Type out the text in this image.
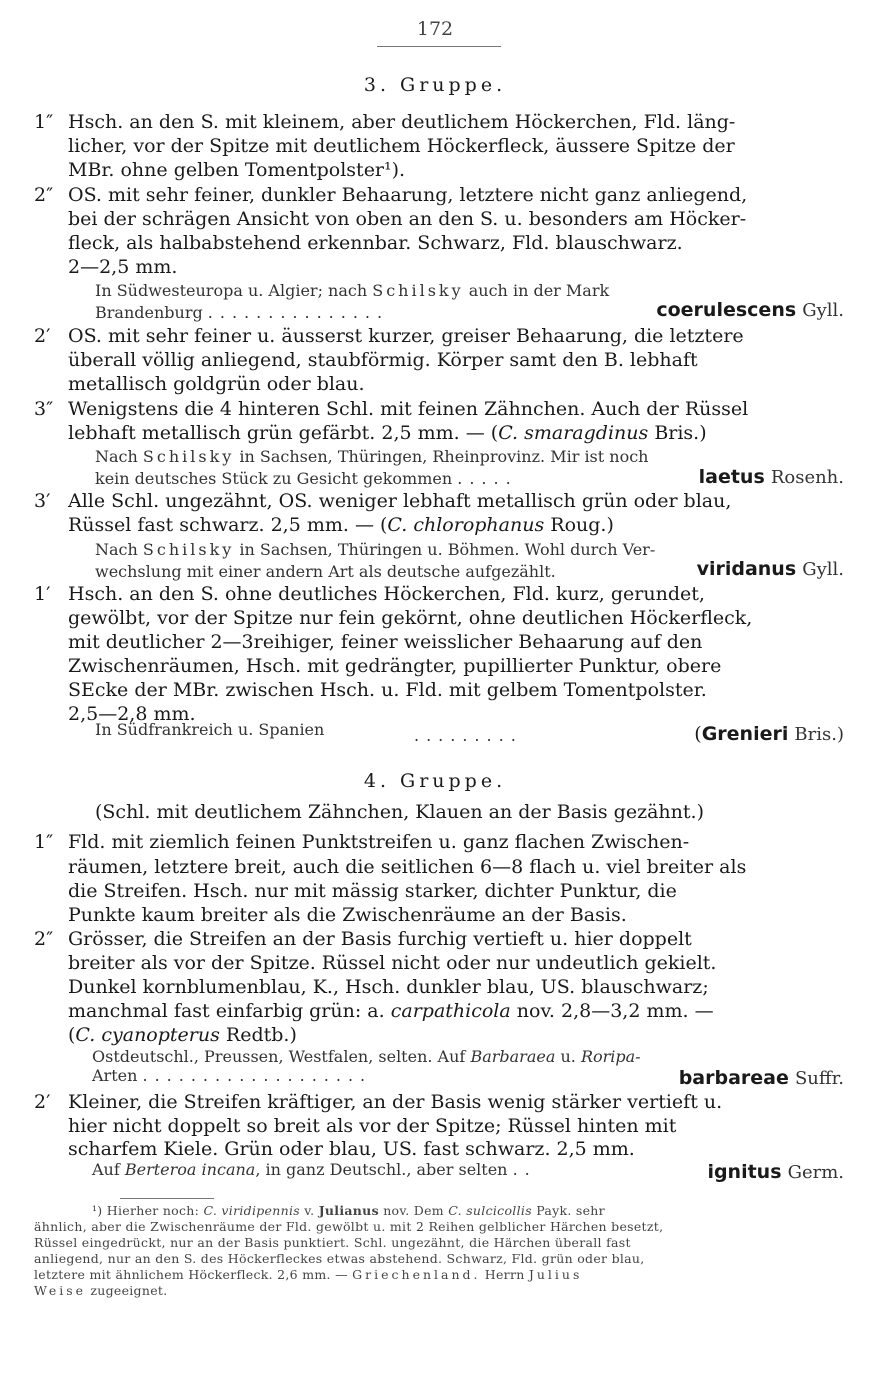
172
3. Gruppe.
1″ Hsch. an den S. mit kleinem, aber deutlichem Höckerchen, Fld. läng-
licher, vor der Spitze mit deutlichem Höckerfleck, äussere Spitze der
MBr. ohne gelben Tomentpolster¹).
2″ OS. mit sehr feiner, dunkler Behaarung, letztere nicht ganz anliegend,
bei der schrägen Ansicht von oben an den S. u. besonders am Höcker-
fleck, als halbabstehend erkennbar. Schwarz, Fld. blauschwarz.
2—2,5 mm.
In Südwesteuropa u. Algier; nach Schilsky auch in der Mark
Brandenburg ...............	coerulescens Gyll.
2′ OS. mit sehr feiner u. äusserst kurzer, greiser Behaarung, die letztere
überall völlig anliegend, staubförmig. Körper samt den B. lebhaft
metallisch goldgrün oder blau.
3″ Wenigstens die 4 hinteren Schl. mit feinen Zähnchen. Auch der Rüssel
lebhaft metallisch grün gefärbt. 2,5 mm. — (C. smaragdinus Bris.)
Nach Schilsky in Sachsen, Thüringen, Rheinprovinz. Mir ist noch
kein deutsches Stück zu Gesicht gekommen .....	laetus Rosenh.
3′ Alle Schl. ungezähnt, OS. weniger lebhaft metallisch grün oder blau,
Rüssel fast schwarz. 2,5 mm. — (C. chlorophanus Roug.)
Nach Schilsky in Sachsen, Thüringen u. Böhmen. Wohl durch Ver-
wechslung mit einer andern Art als deutsche aufgezählt.	viridanus Gyll.
1′ Hsch. an den S. ohne deutliches Höckerchen, Fld. kurz, gerundet,
gewölbt, vor der Spitze nur fein gekörnt, ohne deutlichen Höckerfleck,
mit deutlicher 2—3reihiger, feiner weisslicher Behaarung auf den
Zwischenräumen, Hsch. mit gedrängter, pupillierter Punktur, obere
SEcke der MBr. zwischen Hsch. u. Fld. mit gelbem Tomentpolster.
2,5—2,8 mm.
In Südfrankreich u. Spanien	.........	(Grenieri Bris.)
4. Gruppe.
(Schl. mit deutlichem Zähnchen, Klauen an der Basis gezähnt.)
1″ Fld. mit ziemlich feinen Punktstreifen u. ganz flachen Zwischen-
räumen, letztere breit, auch die seitlichen 6—8 flach u. viel breiter als
die Streifen. Hsch. nur mit mässig starker, dichter Punktur, die
Punkte kaum breiter als die Zwischenräume an der Basis.
2″ Grösser, die Streifen an der Basis furchig vertieft u. hier doppelt
breiter als vor der Spitze. Rüssel nicht oder nur undeutlich gekielt.
Dunkel kornblumenblau, K., Hsch. dunkler blau, US. blauschwarz;
manchmal fast einfarbig grün: a. carpathicola nov. 2,8—3,2 mm. —
(C. cyanopterus Redtb.)
Ostdeutschl., Preussen, Westfalen, selten. Auf Barbaraea u. Roripa-
Arten ...................	barbareae Suffr.
2′ Kleiner, die Streifen kräftiger, an der Basis wenig stärker vertieft u.
hier nicht doppelt so breit als vor der Spitze; Rüssel hinten mit
scharfem Kiele. Grün oder blau, US. fast schwarz. 2,5 mm.
Auf Berteroa incana, in ganz Deutschl., aber selten ..	ignitus Germ.
¹) Hierher noch: C. viridipennis v. Julianus nov. Dem C. sulcicollis Payk. sehr
ähnlich, aber die Zwischenräume der Fld. gewölbt u. mit 2 Reihen gelblicher Härchen besetzt,
Rüssel eingedrückt, nur an der Basis punktiert. Schl. ungezähnt, die Härchen überall fast
anliegend, nur an den S. des Höckerfleckes etwas abstehend. Schwarz, Fld. grün oder blau,
letztere mit ähnlichem Höckerfleck. 2,6 mm. — Griechenland. Herrn Julius
Weise zugeeignet.
